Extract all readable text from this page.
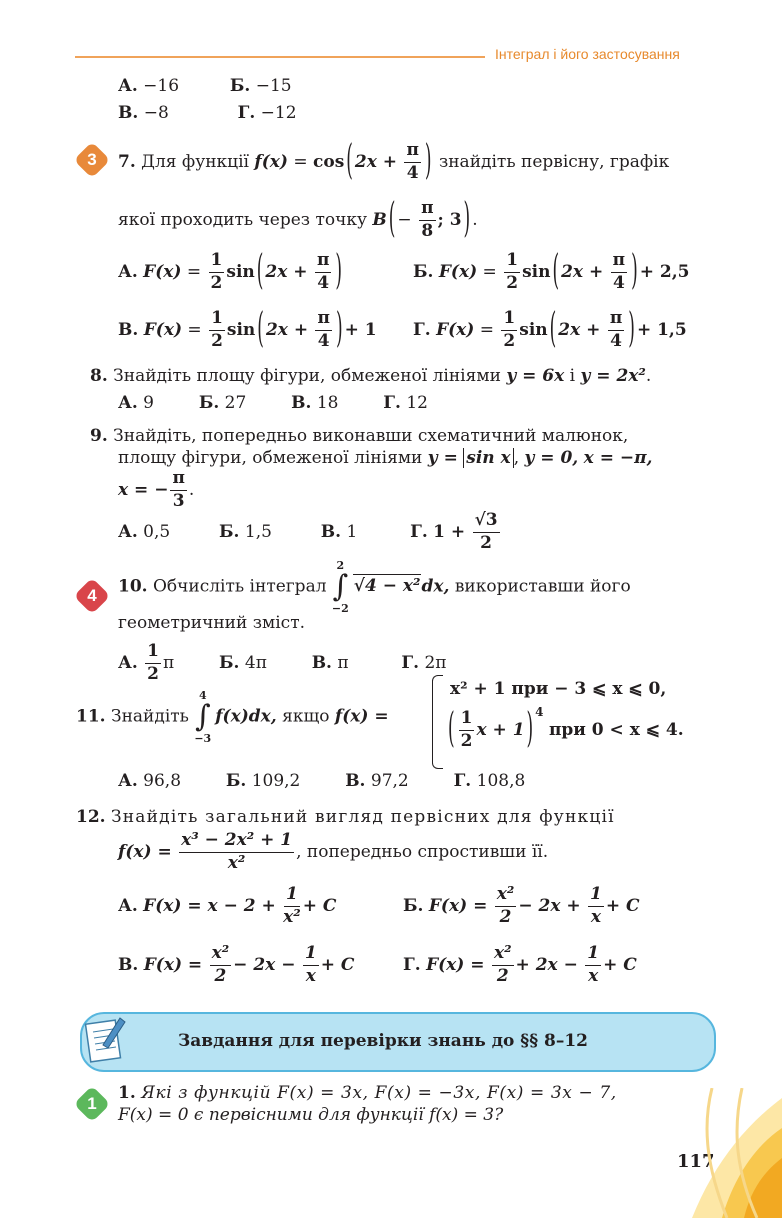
Інтеграл і його застосування
А. −16	Б. −15
В. −8	Г. −12
3	7. Для функції f(x) = cos ( $2x + \frac{\pi}{4}$ ) знайдіть первісну, графік
якої проходить через точку B ( − $\frac{\pi}{8}$ ; 3 ) .
А. $F(x) = \frac{1}{2}$ sin ( $2x + \frac{\pi}{4}$ )	Б. $F(x) = \frac{1}{2}$ sin ( $2x + \frac{\pi}{4}$ ) + 2,5
В. $F(x) = \frac{1}{2}$ sin ( $2x + \frac{\pi}{4}$ ) + 1 Г. $F(x) = \frac{1}{2}$ sin ( $2x + \frac{\pi}{4}$ ) + 1,5
8. Знайдіть площу фігури, обмеженої лініями y = 6x і y = 2x².
А. 9	Б. 27	В. 18	Г. 12
9. Знайдіть, попередньо виконавши схематичний малюнок,
площу фігури, обмеженої лініями y = sin x , y = 0, x = −π,
x = − $\frac{\pi}{3}$ .
А. 0,5	Б. 1,5	В. 1	Г. $1 + \frac{√3}{2}$
4	10. Обчисліть інтеграл
2
∫
−2
√4 − x²dx, використавши його
геометричний зміст.
А. $\frac{1}{2}$ π	Б. 4π	В. π	Г. 2π
11. Знайдіть
4
∫
−3
f(x)dx, якщо f(x) =
x² + 1 при − 3 ⩽ x ⩽ 0,
( $\frac{1}{2}$ x + 1 ) $^4$ при 0 < x ⩽ 4.
А. 96,8	Б. 109,2	В. 97,2	Г. 108,8
12. Знайдіть загальний вигляд первісних для функції
$f(x) = \frac{\text{x³ − 2x² + 1}}{\text{x²}}$ , попередньо спростивши її.
А. $F(x) = x - 2 + \frac{1}{\text{x²}} + C$	Б. $F(x) = \frac{\text{x²}}{2} - 2x + \frac{1}{x} + C$
В. $F(x) = \frac{\text{x²}}{2} - 2x - \frac{1}{x} + C$	Г. $F(x) = \frac{\text{x²}}{2} + 2x - \frac{1}{x} + C$
Завдання для перевірки знань до §§ 8–12
1
1. Які з функцій F(x) = 3x, F(x) = −3x, F(x) = 3x − 7,
F(x) = 0 є первісними для функції f(x) = 3?
117
